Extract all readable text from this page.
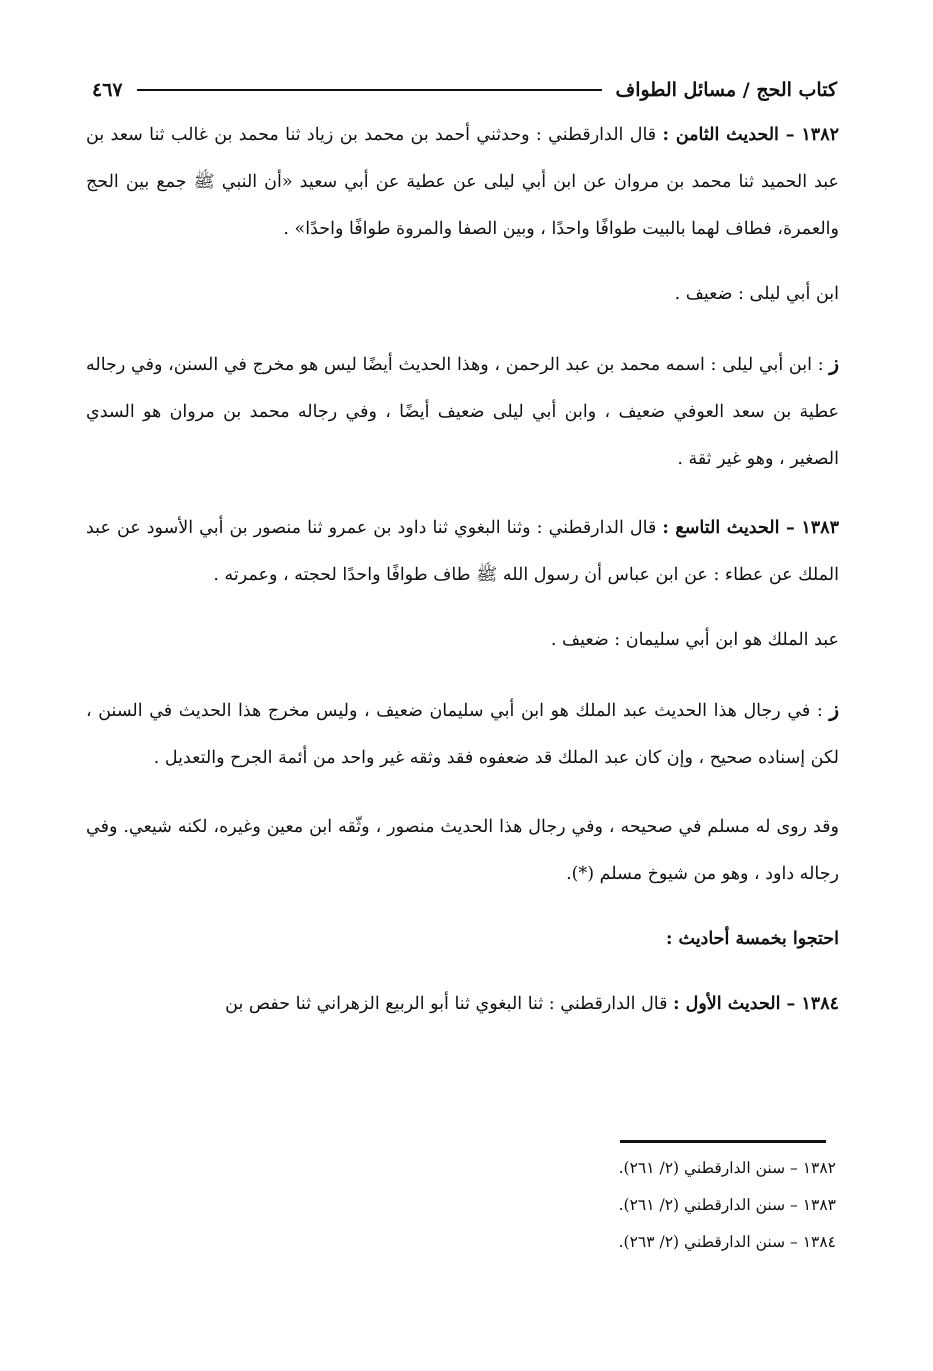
كتاب الحج / مسائل الطواف
٤٦٧

١٣٨٢ – الحديث الثامن : قال الدارقطني : وحدثني أحمد بن محمد بن زياد ثنا محمد بن غالب ثنا سعد بن عبد الحميد ثنا محمد بن مروان عن ابن أبي ليلى عن عطية عن أبي سعيد «أن النبي ﷺ جمع بين الحج والعمرة، فطاف لهما بالبيت طوافًا واحدًا ، وبين الصفا والمروة طوافًا واحدًا» .

ابن أبي ليلى : ضعيف .

ز : ابن أبي ليلى : اسمه محمد بن عبد الرحمن ، وهذا الحديث أيضًا ليس هو مخرج في السنن، وفي رجاله عطية بن سعد العوفي ضعيف ، وابن أبي ليلى ضعيف أيضًا ، وفي رجاله محمد بن مروان هو السدي الصغير ، وهو غير ثقة .

١٣٨٣ – الحديث التاسع : قال الدارقطني : وثنا البغوي ثنا داود بن عمرو ثنا منصور بن أبي الأسود عن عبد الملك عن عطاء : عن ابن عباس أن رسول الله ﷺ طاف طوافًا واحدًا لحجته ، وعمرته .

عبد الملك هو ابن أبي سليمان : ضعيف .

ز : في رجال هذا الحديث عبد الملك هو ابن أبي سليمان ضعيف ، وليس مخرج هذا الحديث في السنن ، لكن إسناده صحيح ، وإن كان عبد الملك قد ضعفوه فقد وثقه غير واحد من أئمة الجرح والتعديل .

وقد روى له مسلم في صحيحه ، وفي رجال هذا الحديث منصور ، وثّقه ابن معين وغيره، لكنه شيعي. وفي رجاله داود ، وهو من شيوخ مسلم (*).

احتجوا بخمسة أحاديث :

١٣٨٤ – الحديث الأول : قال الدارقطني : ثنا البغوي ثنا أبو الربيع الزهراني ثنا حفص بن

١٣٨٢ – سنن الدارقطني (٢/ ٢٦١).
١٣٨٣ – سنن الدارقطني (٢/ ٢٦١).
١٣٨٤ – سنن الدارقطني (٢/ ٢٦٣).
